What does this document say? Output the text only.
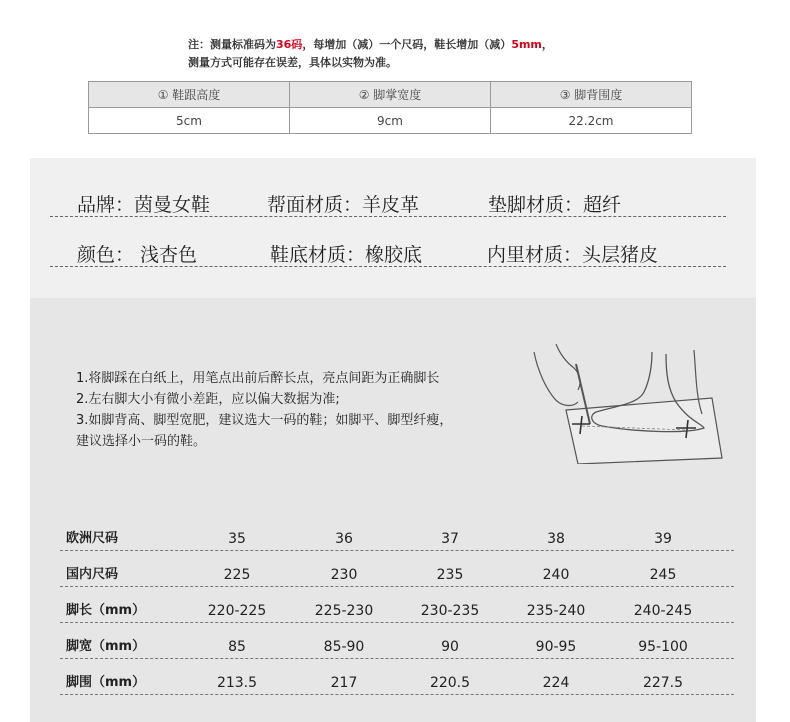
注：测量标准码为36码，每增加（减）一个尺码，鞋长增加（减）5mm，
测量方式可能存在误差，具体以实物为准。
① 鞋跟高度	② 脚掌宽度	③ 脚背围度
5cm	9cm	22.2cm
品牌：茵曼女鞋	帮面材质：羊皮革	垫脚材质：超纤
颜色： 浅杏色	鞋底材质：橡胶底	内里材质：头层猪皮
1.将脚踩在白纸上，用笔点出前后醉长点，亮点间距为正确脚长
2.左右脚大小有微小差距，应以偏大数据为准;
3.如脚背高、脚型宽肥，建议选大一码的鞋；如脚平、脚型纤瘦，
建议选择小一码的鞋。
欧洲尺码	35	36	37	38	39
国内尺码	225	230	235	240	245
脚长（mm）	220-225	225-230	230-235	235-240	240-245
脚宽（mm）	85	85-90	90	90-95	95-100
脚围（mm）	213.5	217	220.5	224	227.5
